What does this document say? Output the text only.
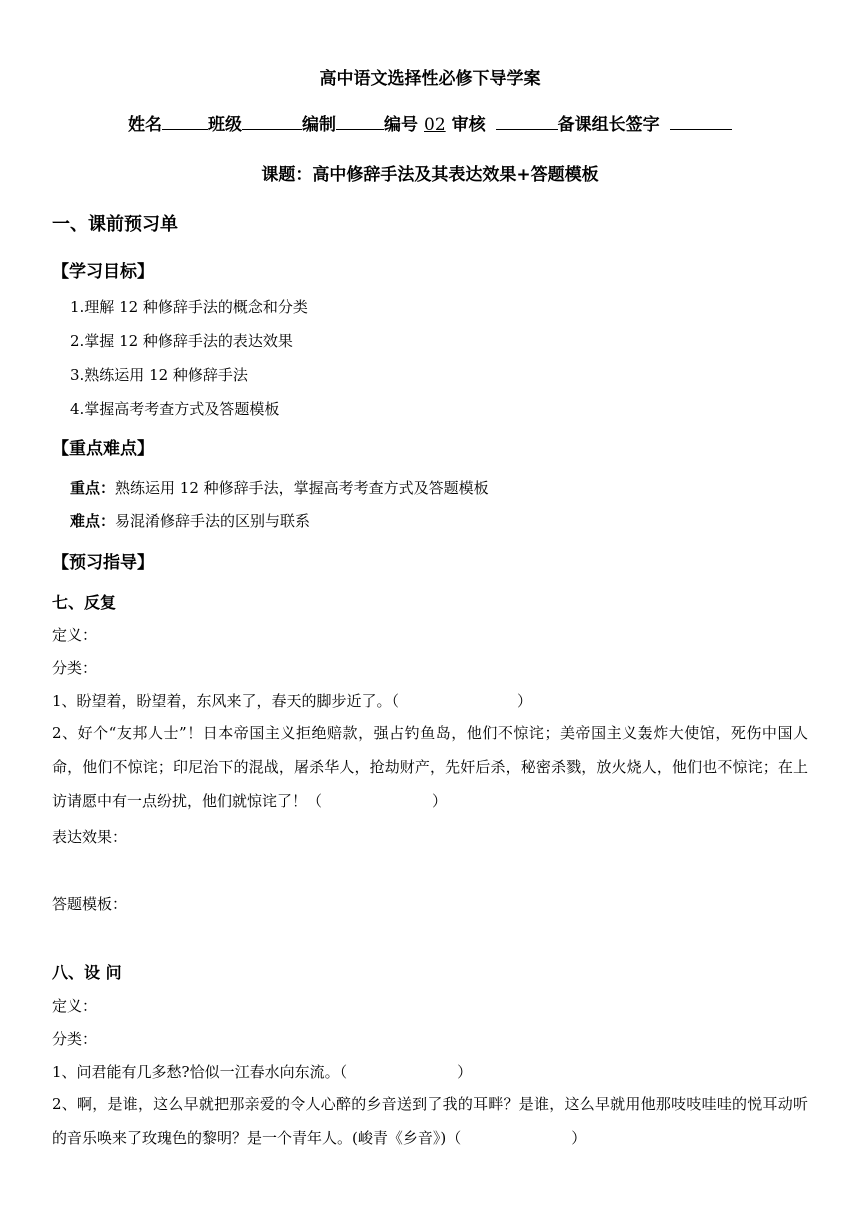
高中语文选择性必修下导学案
姓名	班级	编制	编号 02 审核	备课组长签字
课题：高中修辞手法及其表达效果+答题模板
一、课前预习单
【学习目标】
1.理解 12 种修辞手法的概念和分类
2.掌握 12 种修辞手法的表达效果
3.熟练运用 12 种修辞手法
4.掌握高考考查方式及答题模板
【重点难点】
重点：熟练运用 12 种修辞手法，掌握高考考查方式及答题模板
难点：易混淆修辞手法的区别与联系
【预习指导】
七、反复
定义：
分类：
1、盼望着，盼望着，东风来了，春天的脚步近了。（	）
2、好个“友邦人士”！日本帝国主义拒绝赔款，强占钓鱼岛，他们不惊诧；美帝国主义轰炸大使馆，死伤中国人命，他们不惊诧；印尼治下的混战，屠杀华人，抢劫财产，先奸后杀，秘密杀戮，放火烧人，他们也不惊诧；在上访请愿中有一点纷扰，他们就惊诧了！（	）
表达效果：
答题模板：
八、设 问
定义：
分类：
1、问君能有几多愁?恰似一江春水向东流。（	）
2、啊，是谁，这么早就把那亲爱的令人心醉的乡音送到了我的耳畔？是谁，这么早就用他那吱吱哇哇的悦耳动听的音乐唤来了玫瑰色的黎明？是一个青年人。(峻青《乡音》)（	）
